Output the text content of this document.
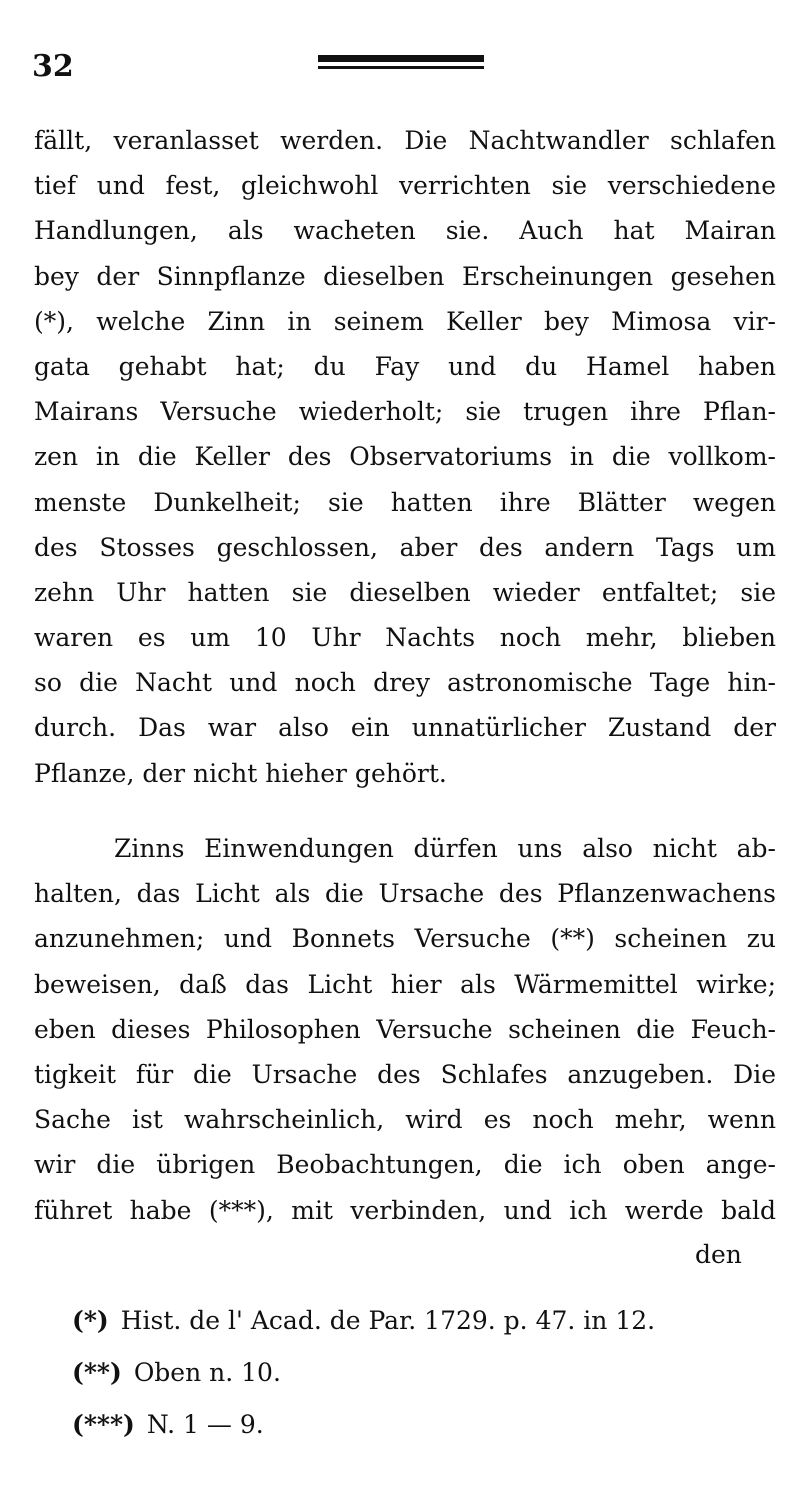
32
fällt, veranlasset werden. Die Nachtwandler schlafen
tief und fest, gleichwohl verrichten sie verschiedene
Handlungen, als wacheten sie. Auch hat Mairan
bey der Sinnpflanze dieselben Erscheinungen gesehen
(*), welche Zinn in seinem Keller bey Mimosa vir-
gata gehabt hat; du Fay und du Hamel haben
Mairans Versuche wiederholt; sie trugen ihre Pflan-
zen in die Keller des Observatoriums in die vollkom-
menste Dunkelheit; sie hatten ihre Blätter wegen
des Stosses geschlossen, aber des andern Tags um
zehn Uhr hatten sie dieselben wieder entfaltet; sie
waren es um 10 Uhr Nachts noch mehr, blieben
so die Nacht und noch drey astronomische Tage hin-
durch. Das war also ein unnatürlicher Zustand der
Pflanze, der nicht hieher gehört.
Zinns Einwendungen dürfen uns also nicht ab-
halten, das Licht als die Ursache des Pflanzenwachens
anzunehmen; und Bonnets Versuche (**) scheinen zu
beweisen, daß das Licht hier als Wärmemittel wirke;
eben dieses Philosophen Versuche scheinen die Feuch-
tigkeit für die Ursache des Schlafes anzugeben. Die
Sache ist wahrscheinlich, wird es noch mehr, wenn
wir die übrigen Beobachtungen, die ich oben ange-
führet habe (***), mit verbinden, und ich werde bald
den
(*) Hist. de l' Acad. de Par. 1729. p. 47. in 12.
(**) Oben n. 10.
(***) N. 1 — 9.
